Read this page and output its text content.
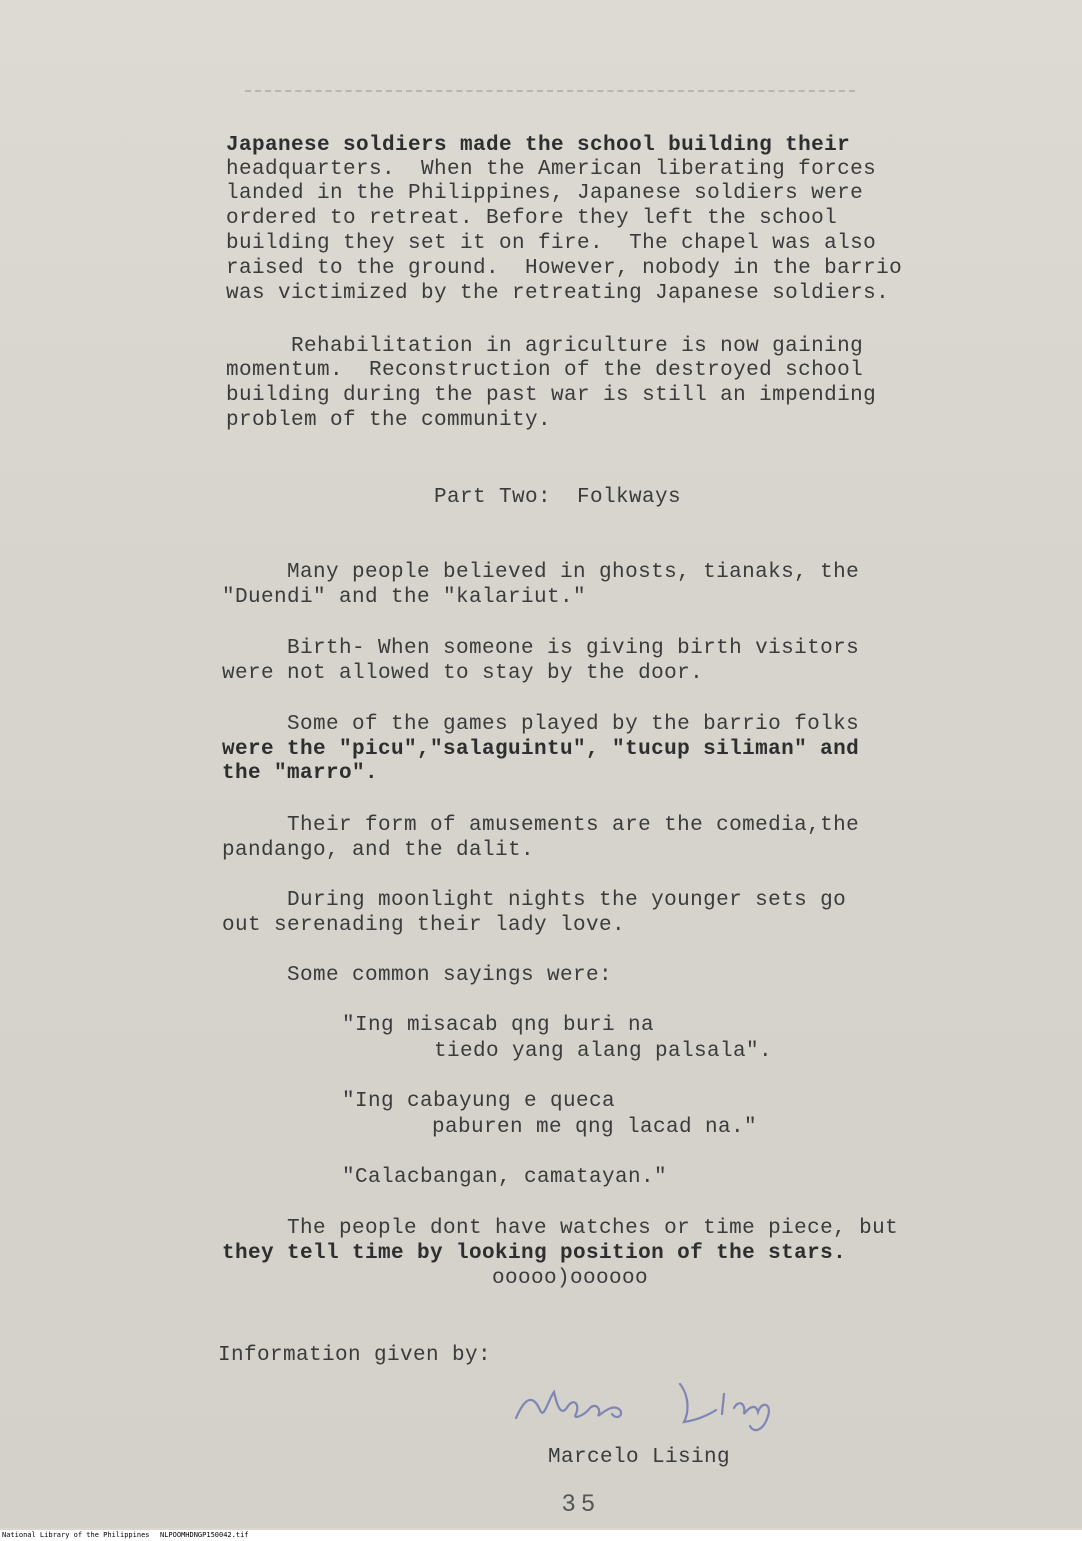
Japanese soldiers made the school building their
headquarters.  When the American liberating forces
landed in the Philippines, Japanese soldiers were
ordered to retreat. Before they left the school
building they set it on fire.  The chapel was also
raised to the ground.  However, nobody in the barrio
was victimized by the retreating Japanese soldiers.
Rehabilitation in agriculture is now gaining
momentum.  Reconstruction of the destroyed school
building during the past war is still an impending
problem of the community.
Part Two:  Folkways
Many people believed in ghosts, tianaks, the
"Duendi" and the "kalariut."
Birth- When someone is giving birth visitors
were not allowed to stay by the door.
Some of the games played by the barrio folks
were the "picu","salaguintu", "tucup siliman" and
the "marro".
Their form of amusements are the comedia,the
pandango, and the dalit.
During moonlight nights the younger sets go
out serenading their lady love.
Some common sayings were:
"Ing misacab qng buri na
tiedo yang alang palsala".
"Ing cabayung e queca
paburen me qng lacad na."
"Calacbangan, camatayan."
The people dont have watches or time piece, but
they tell time by looking position of the stars.
ooooo)oooooo
Information given by:
Marcelo Lising
35
National Library of the Philippines NLPOOMHDNGP150042.tif
